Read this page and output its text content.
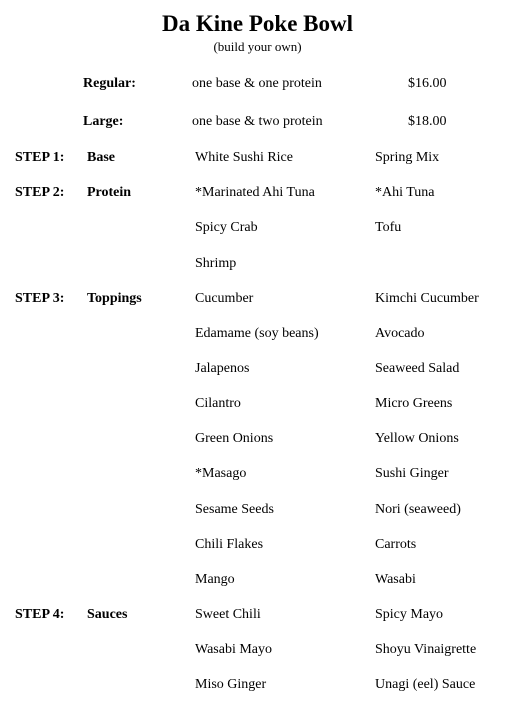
Da Kine Poke Bowl
(build your own)
Regular:	one base & one protein	$16.00
Large:	one base & two protein	$18.00
STEP 1: Base	White Sushi Rice	Spring Mix
STEP 2: Protein	*Marinated Ahi Tuna	*Ahi Tuna
Spicy Crab	Tofu
Shrimp
STEP 3: Toppings	Cucumber	Kimchi Cucumber
Edamame (soy beans)	Avocado
Jalapenos	Seaweed Salad
Cilantro	Micro Greens
Green Onions	Yellow Onions
*Masago	Sushi Ginger
Sesame Seeds	Nori (seaweed)
Chili Flakes	Carrots
Mango	Wasabi
STEP 4: Sauces	Sweet Chili	Spicy Mayo
Wasabi Mayo	Shoyu Vinaigrette
Miso Ginger	Unagi (eel) Sauce
